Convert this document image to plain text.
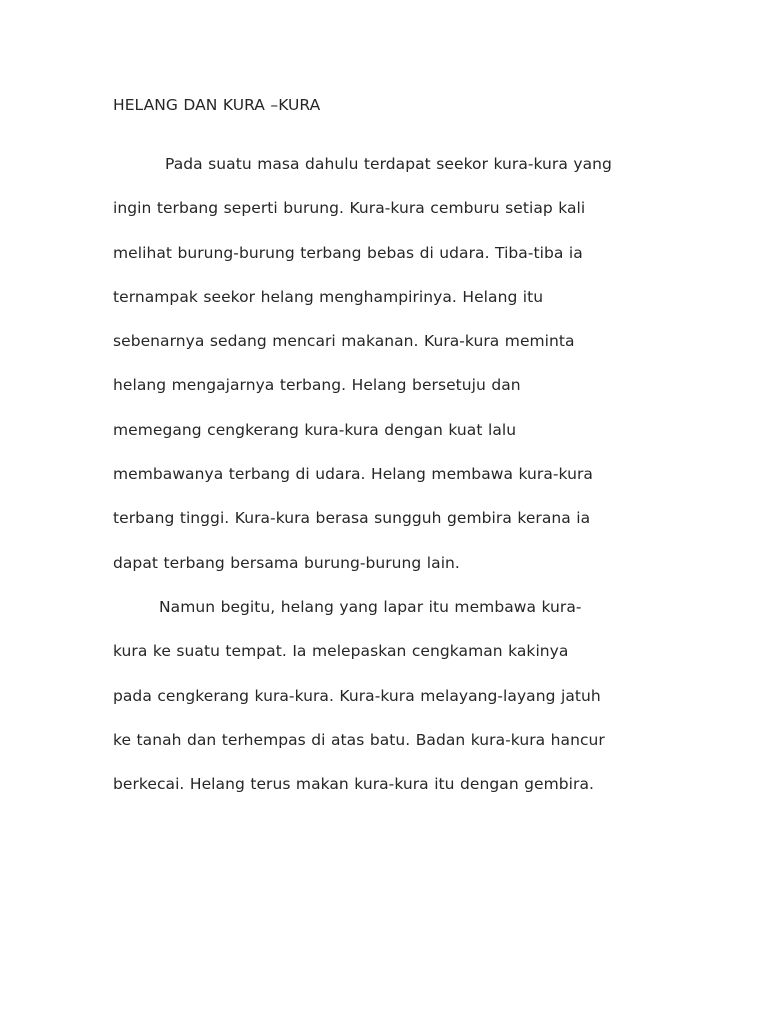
HELANG DAN KURA –KURA
Pada suatu masa dahulu terdapat seekor kura-kura yang
ingin terbang seperti burung. Kura-kura cemburu setiap kali
melihat burung-burung terbang bebas di udara. Tiba-tiba ia
ternampak seekor helang menghampirinya. Helang itu
sebenarnya sedang mencari makanan. Kura-kura meminta
helang mengajarnya terbang. Helang bersetuju dan
memegang cengkerang kura-kura dengan kuat lalu
membawanya terbang di udara. Helang membawa kura-kura
terbang tinggi. Kura-kura berasa sungguh gembira kerana ia
dapat terbang bersama burung-burung lain.
Namun begitu, helang yang lapar itu membawa kura-
kura ke suatu tempat. Ia melepaskan cengkaman kakinya
pada cengkerang kura-kura. Kura-kura melayang-layang jatuh
ke tanah dan terhempas di atas batu. Badan kura-kura hancur
berkecai. Helang terus makan kura-kura itu dengan gembira.
